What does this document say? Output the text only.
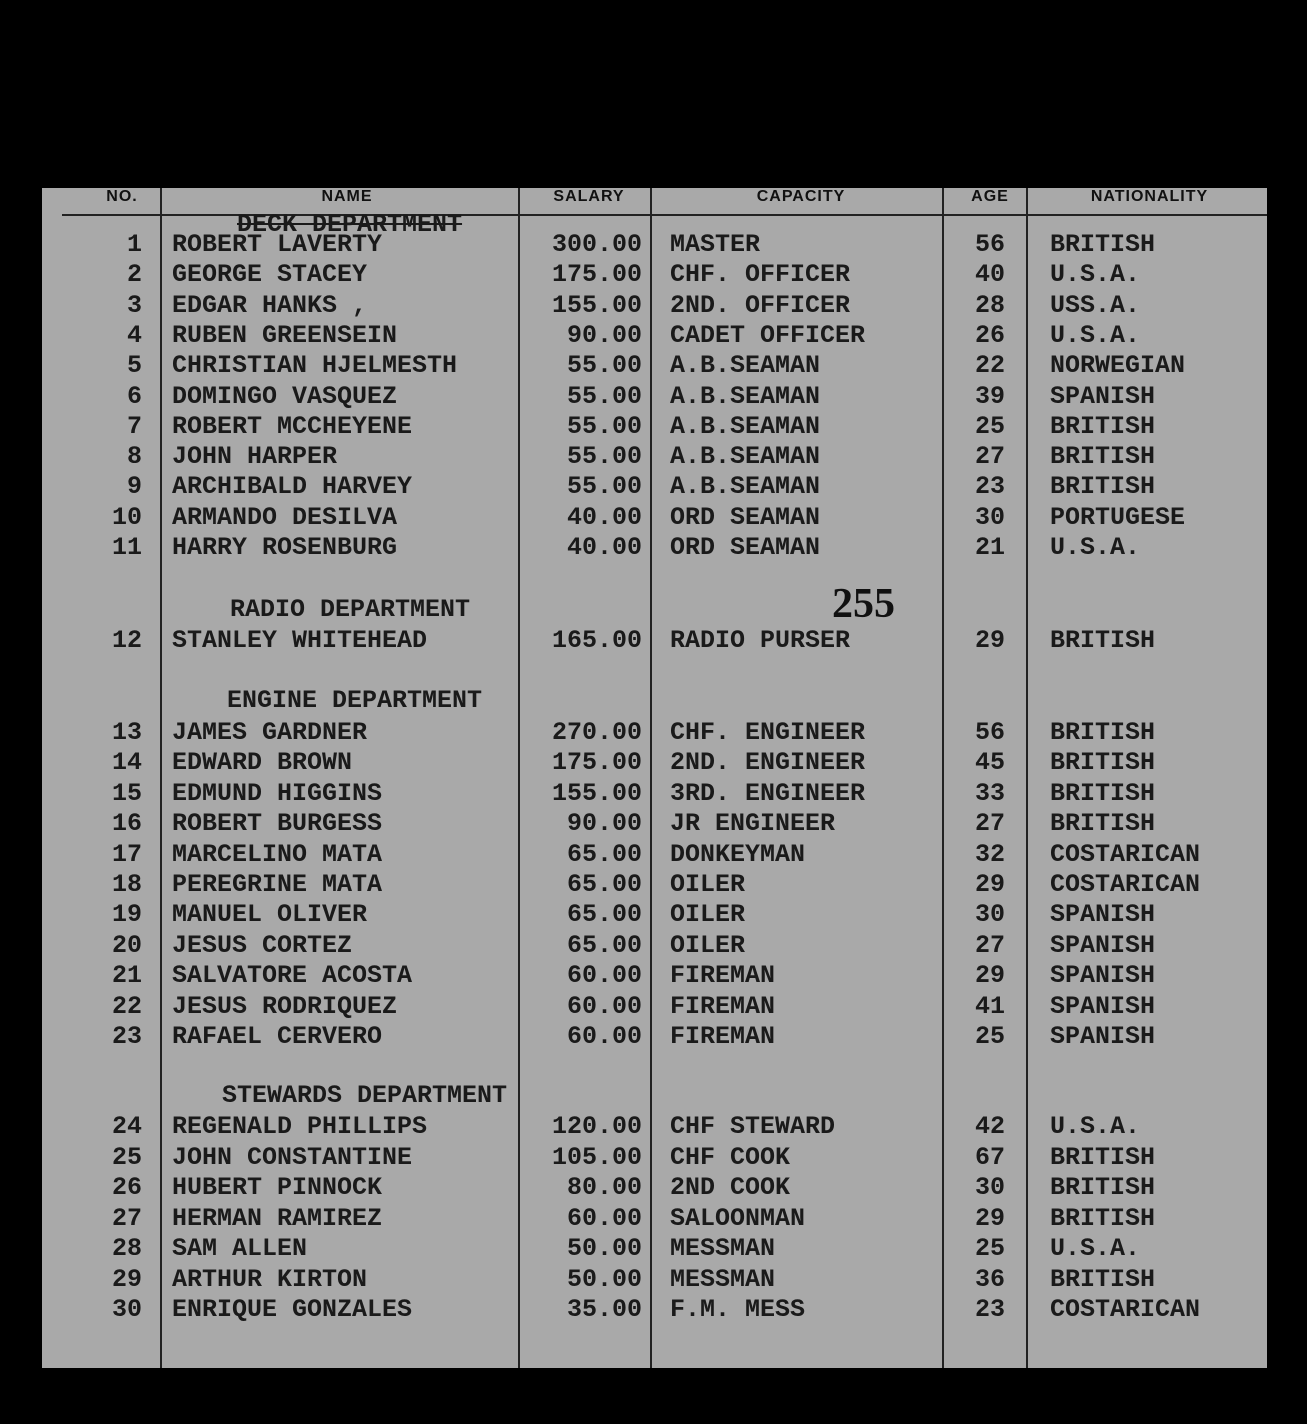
NO.	NAME	SALARY	CAPACITY	AGE	NATIONALITY
DECK DEPARTMENT
RADIO DEPARTMENT
ENGINE DEPARTMENT
STEWARDS DEPARTMENT
255
1 ROBERT LAVERTY	300.00 MASTER	56	BRITISH
2 GEORGE STACEY	175.00 CHF. OFFICER	40	U.S.A.
3 EDGAR HANKS ,	155.00 2ND. OFFICER	28	USS.A.
4 RUBEN GREENSEIN	90.00 CADET OFFICER	26	U.S.A.
5 CHRISTIAN HJELMESTH	55.00 A.B.SEAMAN	22	NORWEGIAN
6 DOMINGO VASQUEZ	55.00 A.B.SEAMAN	39	SPANISH
7 ROBERT MCCHEYENE	55.00 A.B.SEAMAN	25	BRITISH
8 JOHN HARPER	55.00 A.B.SEAMAN	27	BRITISH
9 ARCHIBALD HARVEY	55.00 A.B.SEAMAN	23	BRITISH
10 ARMANDO DESILVA	40.00 ORD SEAMAN	30	PORTUGESE
11 HARRY ROSENBURG	40.00 ORD SEAMAN	21	U.S.A.
12 STANLEY WHITEHEAD	165.00 RADIO PURSER	29	BRITISH
13 JAMES GARDNER	270.00 CHF. ENGINEER	56	BRITISH
14 EDWARD BROWN	175.00 2ND. ENGINEER	45	BRITISH
15 EDMUND HIGGINS	155.00 3RD. ENGINEER	33	BRITISH
16 ROBERT BURGESS	90.00 JR ENGINEER	27	BRITISH
17 MARCELINO MATA	65.00 DONKEYMAN	32	COSTARICAN
18 PEREGRINE MATA	65.00 OILER	29	COSTARICAN
19 MANUEL OLIVER	65.00 OILER	30	SPANISH
20 JESUS CORTEZ	65.00 OILER	27	SPANISH
21 SALVATORE ACOSTA	60.00 FIREMAN	29	SPANISH
22 JESUS RODRIQUEZ	60.00 FIREMAN	41	SPANISH
23 RAFAEL CERVERO	60.00 FIREMAN	25	SPANISH
24 REGENALD PHILLIPS	120.00 CHF STEWARD	42	U.S.A.
25 JOHN CONSTANTINE	105.00 CHF COOK	67	BRITISH
26 HUBERT PINNOCK	80.00 2ND COOK	30	BRITISH
27 HERMAN RAMIREZ	60.00 SALOONMAN	29	BRITISH
28 SAM ALLEN	50.00 MESSMAN	25	U.S.A.
29 ARTHUR KIRTON	50.00 MESSMAN	36	BRITISH
30 ENRIQUE GONZALES	35.00 F.M. MESS	23	COSTARICAN
